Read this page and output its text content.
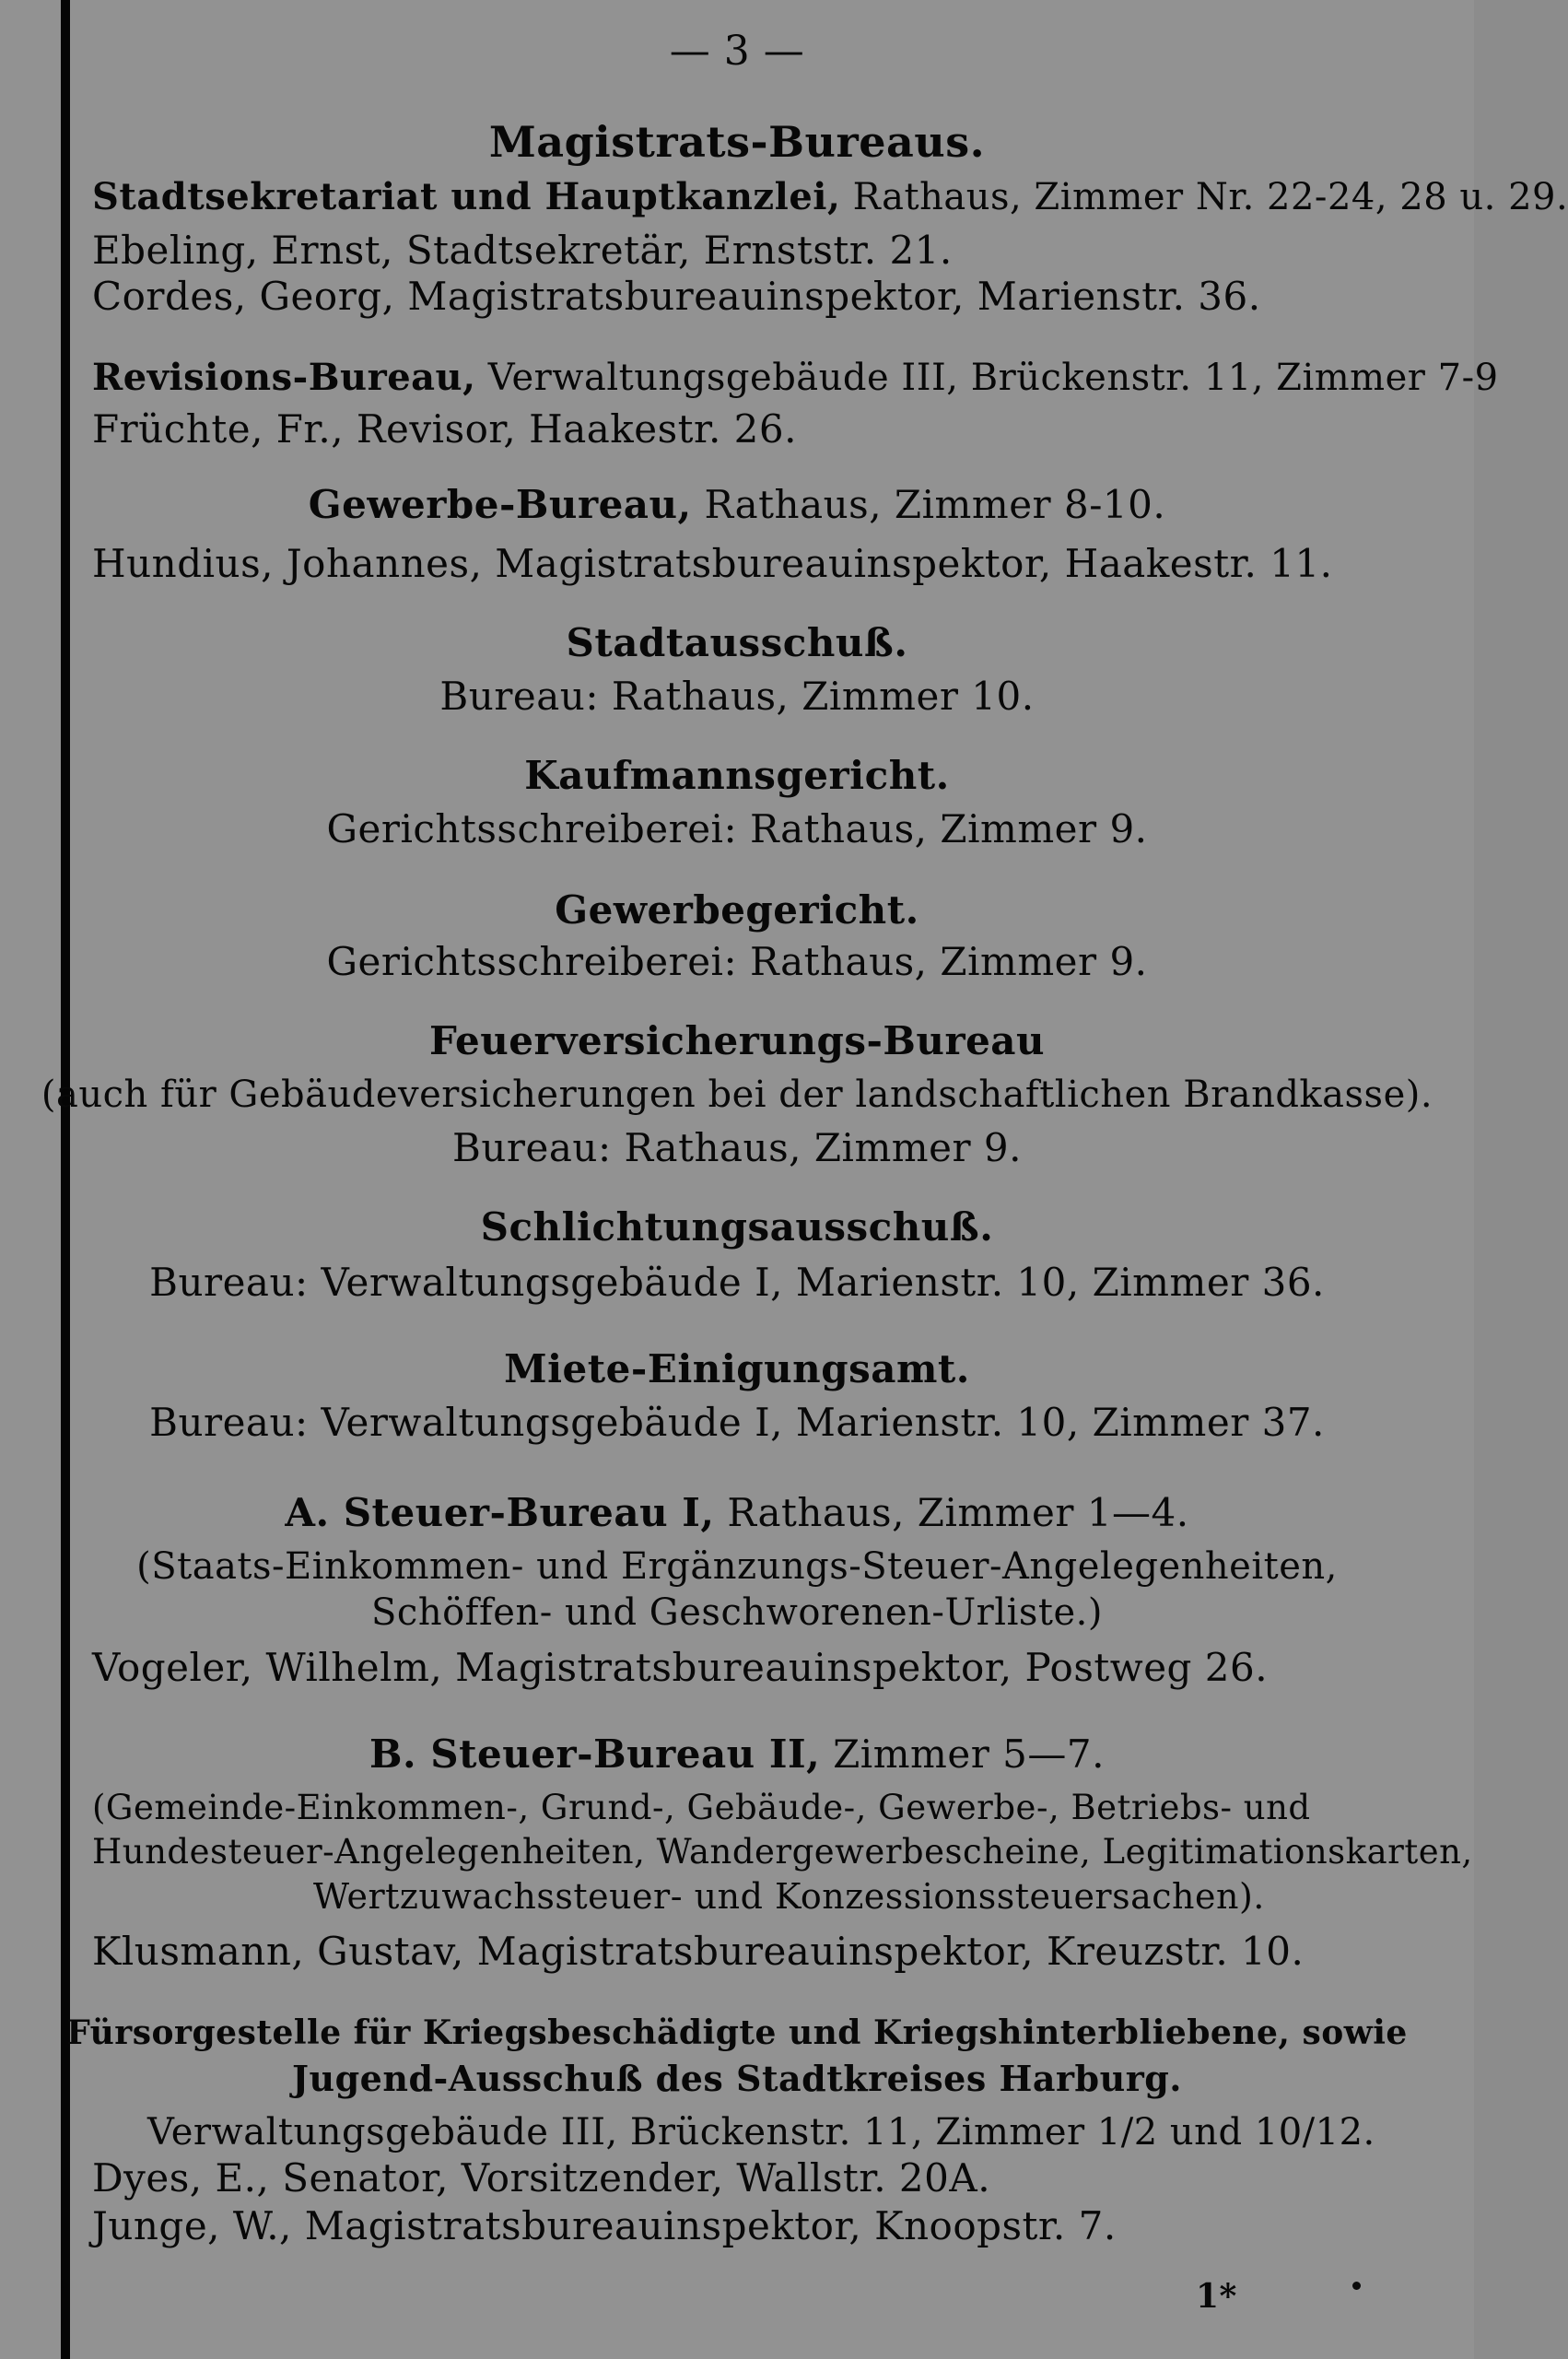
— 3 —
Magistrats-Bureaus.
Stadtsekretariat und Hauptkanzlei, Rathaus, Zimmer Nr. 22-24, 28 u. 29.
Ebeling, Ernst, Stadtsekretär, Ernststr. 21.
Cordes, Georg, Magistratsbureauinspektor, Marienstr. 36.
Revisions-Bureau, Verwaltungsgebäude III, Brückenstr. 11, Zimmer 7-9
Früchte, Fr., Revisor, Haakestr. 26.
Gewerbe-Bureau, Rathaus, Zimmer 8-10.
Hundius, Johannes, Magistratsbureauinspektor, Haakestr. 11.
Stadtausschuß.
Bureau: Rathaus, Zimmer 10.
Kaufmannsgericht.
Gerichtsschreiberei: Rathaus, Zimmer 9.
Gewerbegericht.
Gerichtsschreiberei: Rathaus, Zimmer 9.
Feuerversicherungs-Bureau
(auch für Gebäudeversicherungen bei der landschaftlichen Brandkasse).
Bureau: Rathaus, Zimmer 9.
Schlichtungsausschuß.
Bureau: Verwaltungsgebäude I, Marienstr. 10, Zimmer 36.
Miete-Einigungsamt.
Bureau: Verwaltungsgebäude I, Marienstr. 10, Zimmer 37.
A. Steuer-Bureau I, Rathaus, Zimmer 1—4.
(Staats-Einkommen- und Ergänzungs-Steuer-Angelegenheiten,
Schöffen- und Geschworenen-Urliste.)
Vogeler, Wilhelm, Magistratsbureauinspektor, Postweg 26.
B. Steuer-Bureau II, Zimmer 5—7.
(Gemeinde-Einkommen-, Grund-, Gebäude-, Gewerbe-, Betriebs- und
Hundesteuer-Angelegenheiten, Wandergewerbescheine, Legitimationskarten,
Wertzuwachssteuer- und Konzessionssteuersachen).
Klusmann, Gustav, Magistratsbureauinspektor, Kreuzstr. 10.
Fürsorgestelle für Kriegsbeschädigte und Kriegshinterbliebene, sowie
Jugend-Ausschuß des Stadtkreises Harburg.
Verwaltungsgebäude III, Brückenstr. 11, Zimmer 1/2 und 10/12.
Dyes, E., Senator, Vorsitzender, Wallstr. 20A.
Junge, W., Magistratsbureauinspektor, Knoopstr. 7.
1*
